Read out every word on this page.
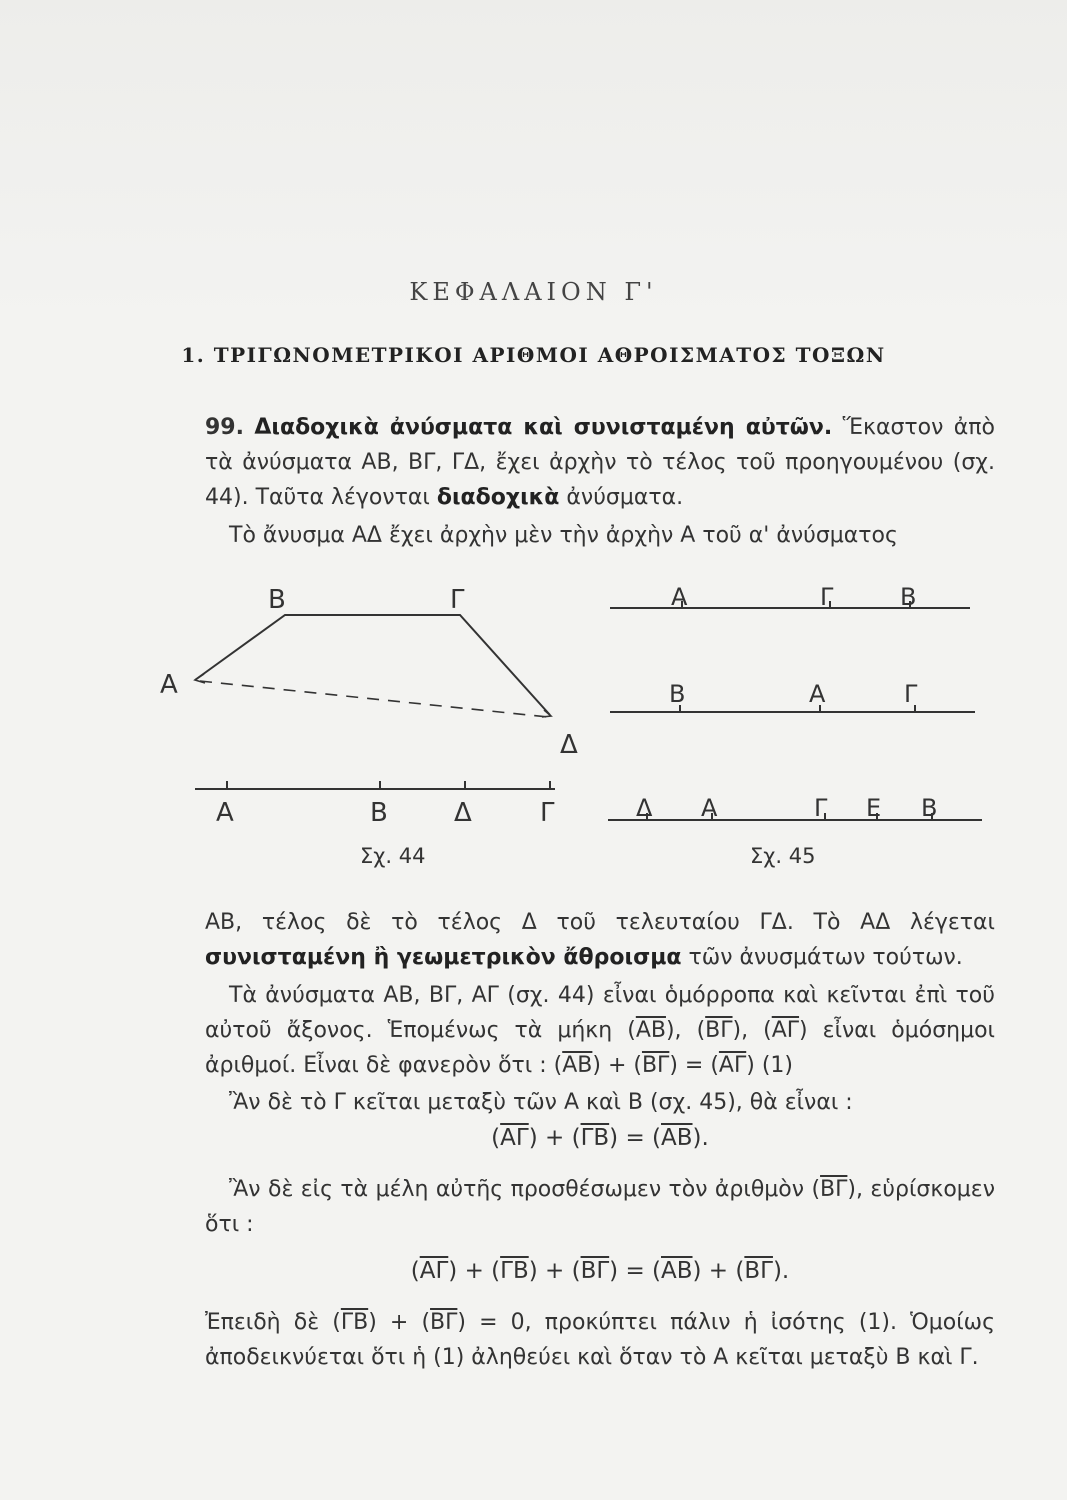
ΚΕΦΑΛΑΙΟΝ Γ'
1. ΤΡΙΓΩΝΟΜΕΤΡΙΚΟΙ ΑΡΙΘΜΟΙ ΑΘΡΟΙΣΜΑΤΟΣ ΤΟΞΩΝ
99. Διαδοχικὰ ἀνύσματα καὶ συνισταμένη αὐτῶν. Ἕκαστον ἀπὸ τὰ ἀνύσματα ΑΒ, ΒΓ, ΓΔ, ἔχει ἀρχὴν τὸ τέλος τοῦ προηγουμένου (σχ. 44). Ταῦτα λέγονται διαδοχικὰ ἀνύσματα.
Τὸ ἄνυσμα ΑΔ ἔχει ἀρχὴν μὲν τὴν ἀρχὴν Α τοῦ α' ἀνύσματος
Α
Β	Γ
Δ
Α	Β	Δ	Γ
Σχ. 44
Α	Γ	Β
Β	Α	Γ
Δ Α	Γ Ε Β
Σχ. 45
ΑΒ, τέλος δὲ τὸ τέλος Δ τοῦ τελευταίου ΓΔ. Τὸ ΑΔ λέγεται συνισταμένη ἢ γεωμετρικὸν ἄθροισμα τῶν ἀνυσμάτων τούτων.
Τὰ ἀνύσματα ΑΒ, ΒΓ, ΑΓ (σχ. 44) εἶναι ὁμόρροπα καὶ κεῖνται ἐπὶ τοῦ αὐτοῦ ἄξονος. Ἑπομένως τὰ μήκη $(\overline{AB})$, $(\overline{B\Gamma})$, $(\overline{A\Gamma})$ εἶναι ὁμόσημοι ἀριθμοί. Εἶναι δὲ φανερὸν ὅτι : $(\overline{AB}) + (\overline{B\Gamma}) = (\overline{A\Gamma})$ (1)
Ἂν δὲ τὸ Γ κεῖται μεταξὺ τῶν Α καὶ Β (σχ. 45), θὰ εἶναι :
$(\overline{A\Gamma}) + (\overline{\Gamma B}) = (\overline{AB})$.
Ἂν δὲ εἰς τὰ μέλη αὐτῆς προσθέσωμεν τὸν ἀριθμὸν $(\overline{B\Gamma})$, εὑρίσκομεν ὅτι :
$(\overline{A\Gamma}) + (\overline{\Gamma B}) + (\overline{B\Gamma}) = (\overline{AB}) + (\overline{B\Gamma})$.
Ἐπειδὴ δὲ $(\overline{\Gamma B}) + (\overline{B\Gamma}) = 0$, προκύπτει πάλιν ἡ ἰσότης (1). Ὁμοίως ἀποδεικνύεται ὅτι ἡ (1) ἀληθεύει καὶ ὅταν τὸ Α κεῖται μεταξὺ Β καὶ Γ.
